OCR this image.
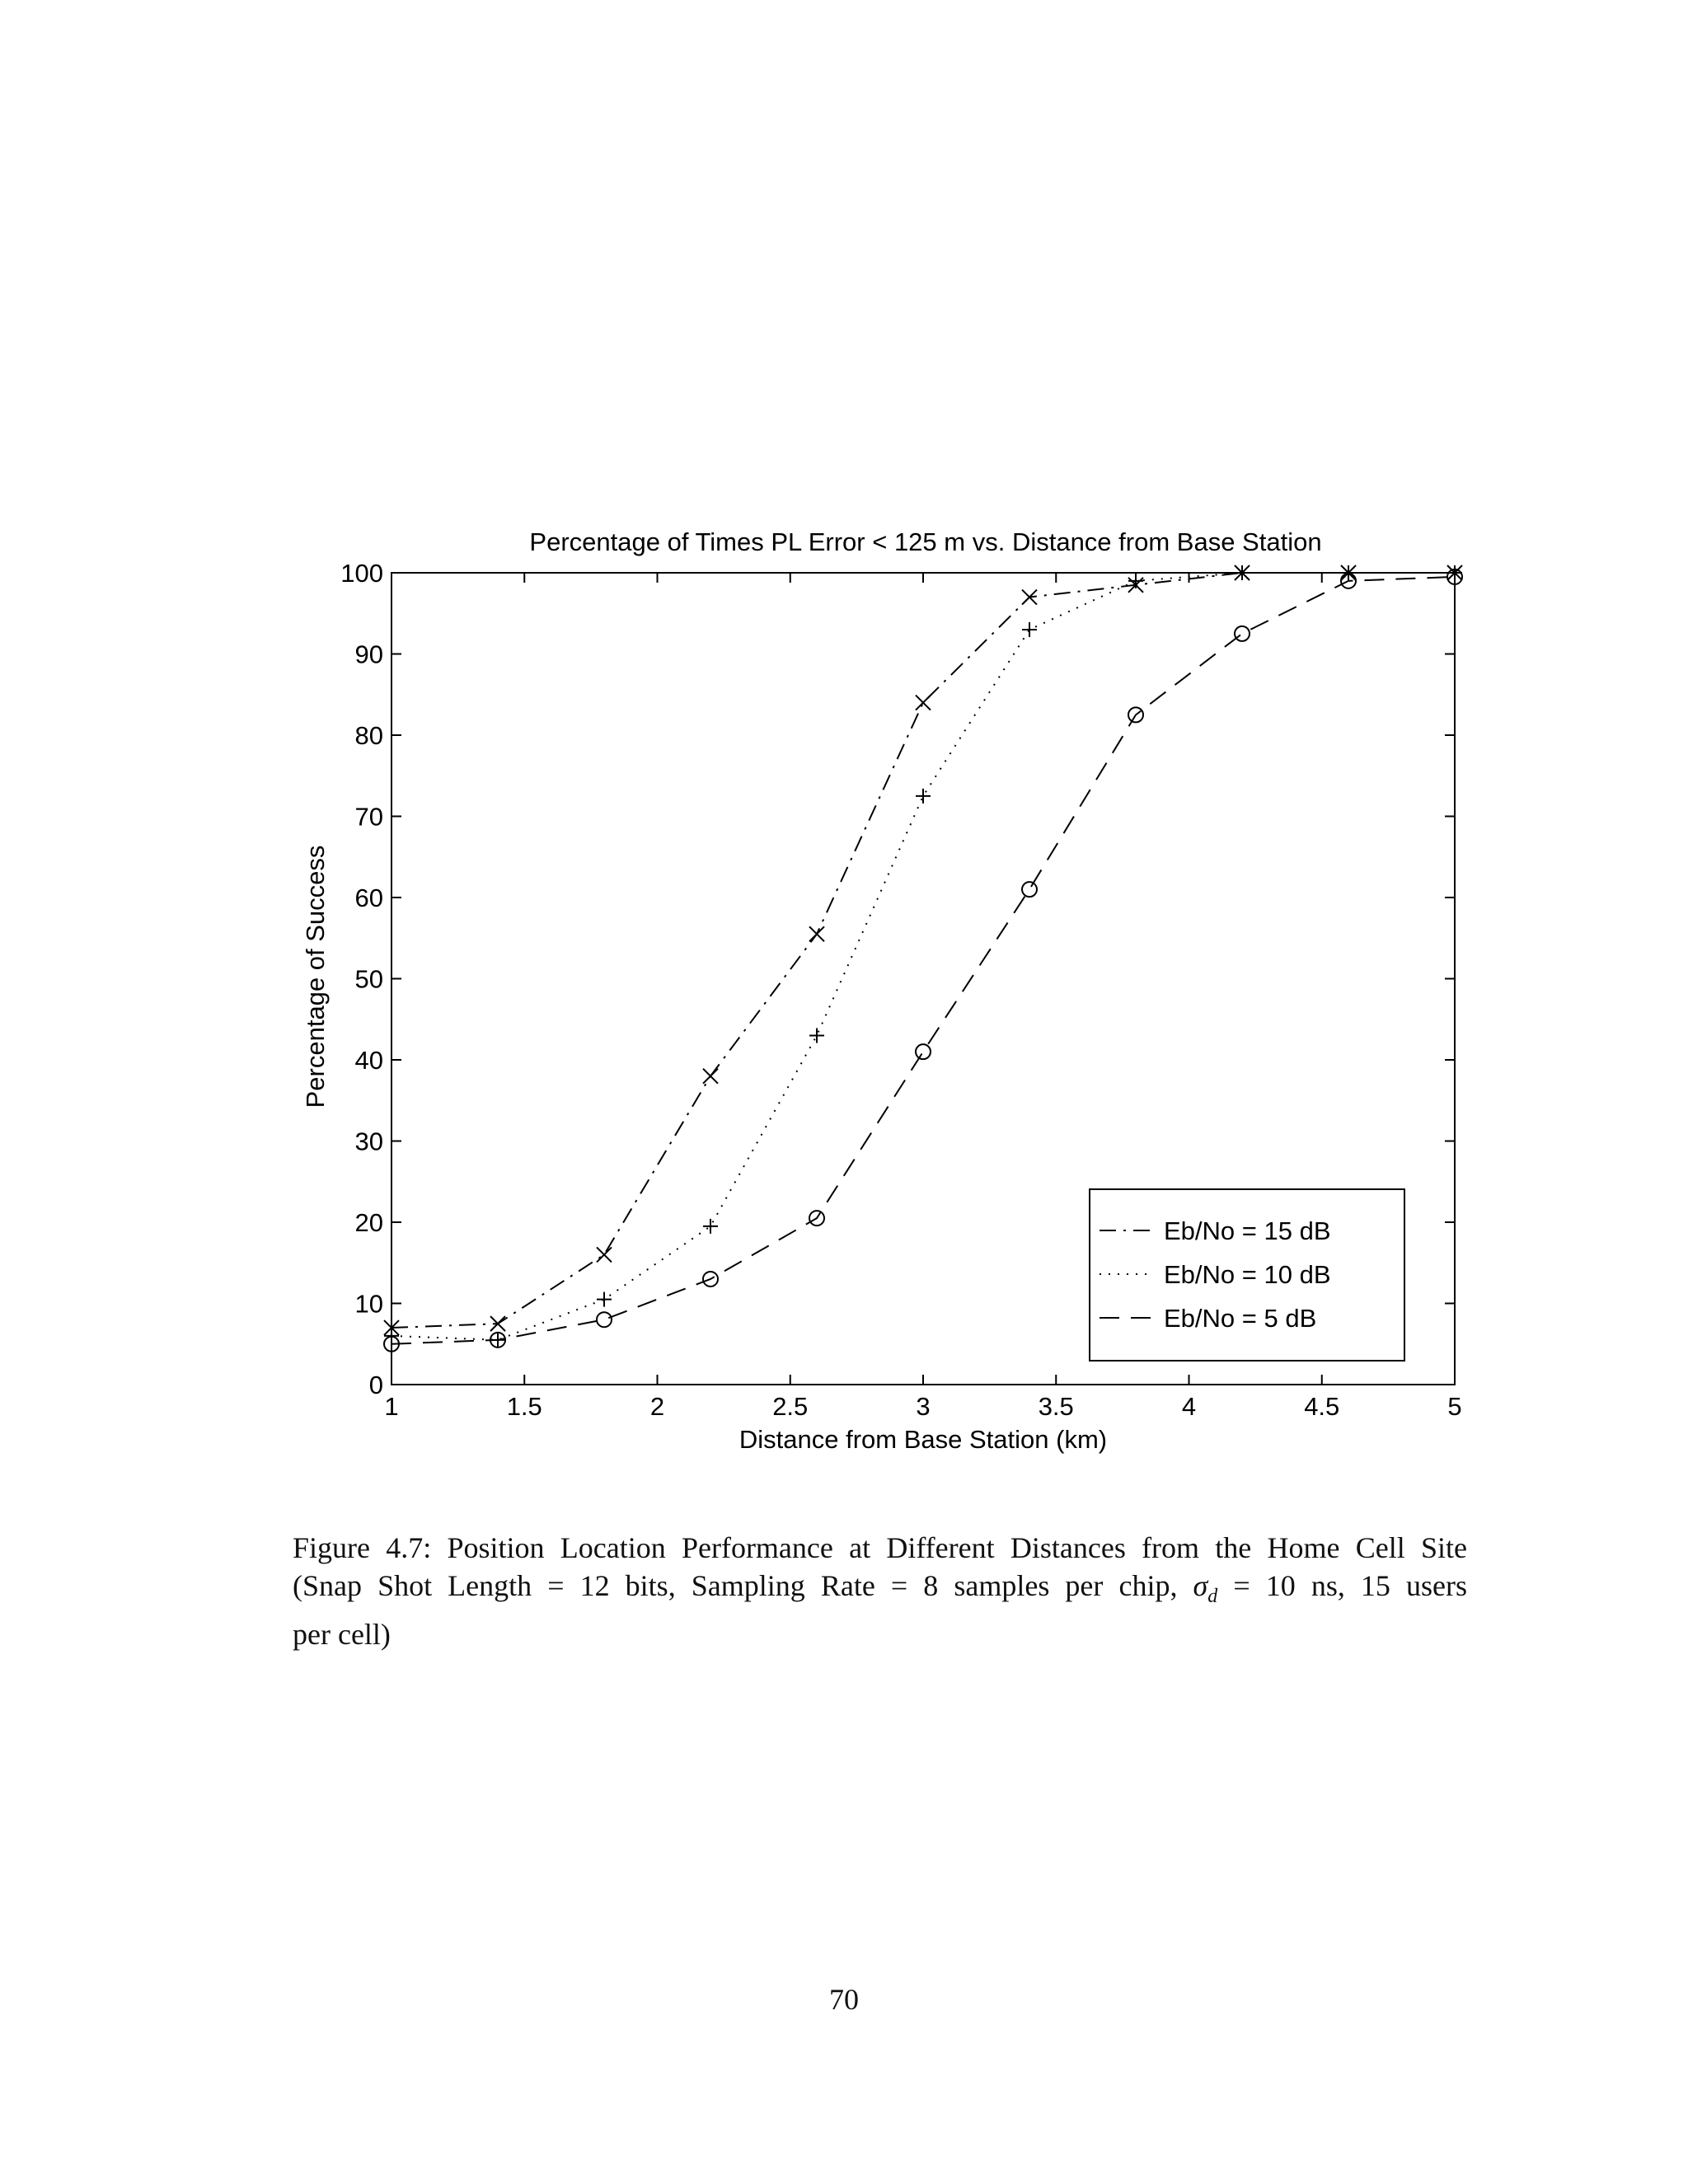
Percentage of Times PL Error < 125 m vs. Distance from Base Station
1	1.5	2	2.5	3	3.5	4	4.5	5
0
10
20
30
40
50
60
70
80
90
100
Distance from Base Station (km)
Percentage of Success
Eb/No = 15 dB
Eb/No = 10 dB
Eb/No = 5 dB
Figure 4.7: Position Location Performance at Different Distances from the Home Cell Site
(Snap Shot Length = 12 bits, Sampling Rate = 8 samples per chip, $\sigma_d = 10$ ns, 15 users
per cell)
70
